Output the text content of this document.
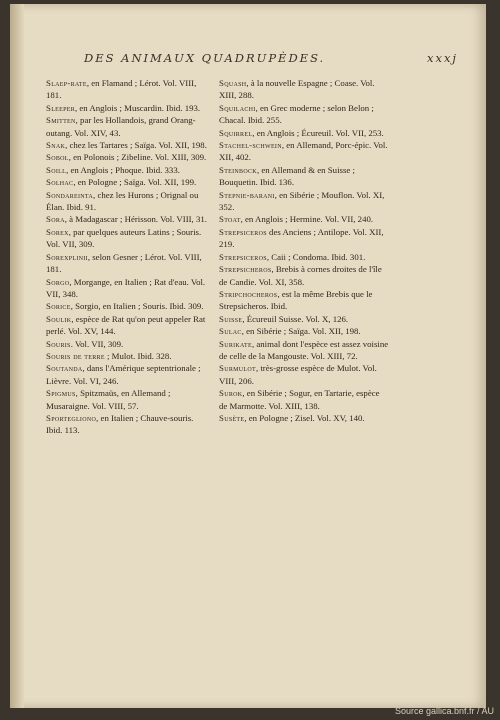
DES ANIMAUX QUADRUPÈDES.	xxxj
Slaep-rate, en Flamand ; Lérot. Vol. VIII, 181.
Sleeper, en Anglois ; Muscardin. Ibid. 193.
Smitten, par les Hollandois, grand Orang-outang. Vol. XIV, 43.
Snak, chez les Tartares ; Saïga. Vol. XII, 198.
Sobol, en Polonois ; Zibeline. Vol. XIII, 309.
Soill, en Anglois ; Phoque. Ibid. 333.
Solhac, en Pologne ; Saïga. Vol. XII, 199.
Sondareinta, chez les Hurons ; Orignal ou Élan. Ibid. 91.
Sora, à Madagascar ; Hérisson. Vol. VIII, 31.
Sorex, par quelques auteurs Latins ; Souris. Vol. VII, 309.
Sorexplinii, selon Gesner ; Lérot. Vol. VIII, 181.
Sorgo, Morgange, en Italien ; Rat d'eau. Vol. VII, 348.
Sorice, Sorgio, en Italien ; Souris. Ibid. 309.
Soulik, espèce de Rat qu'on peut appeler Rat perlé. Vol. XV, 144.
Souris. Vol. VII, 309.
Souris de terre ; Mulot. Ibid. 328.
Soutanda, dans l'Amérique septentrionale ; Lièvre. Vol. VI, 246.
Spigmus, Spitzmaüs, en Allemand ; Musaraigne. Vol. VIII, 57.
Sportegliono, en Italien ; Chauve-souris. Ibid. 113.
Squash, à la nouvelle Espagne ; Coase. Vol. XIII, 288.
Squilachi, en Grec moderne ; selon Belon ; Chacal. Ibid. 255.
Squirrel, en Anglois ; Écureuil. Vol. VII, 253.
Stachel-schwein, en Allemand, Porc-épic. Vol. XII, 402.
Steinbock, en Allemand & en Suisse ; Bouquetin. Ibid. 136.
Stepnie-barani, en Sibérie ; Mouflon. Vol. XI, 352.
Stoat, en Anglois ; Hermine. Vol. VII, 240.
Strepsiceros des Anciens ; Antilope. Vol. XII, 219.
Strepsiceros, Caii ; Condoma. Ibid. 301.
Strepsicheros, Brebis à cornes droites de l'île de Candie. Vol. XI, 358.
Stripchocheros, est la même Brebis que le Strepsicheros. Ibid.
Suisse, Écureuil Suisse. Vol. X, 126.
Sulac, en Sibérie ; Saïga. Vol. XII, 198.
Surikate, animal dont l'espèce est assez voisine de celle de la Mangouste. Vol. XIII, 72.
Surmulot, très-grosse espèce de Mulot. Vol. VIII, 206.
Surok, en Sibérie ; Sogur, en Tartarie, espèce de Marmotte. Vol. XIII, 138.
Susète, en Pologne ; Zisel. Vol. XV, 140.
Source gallica.bnf.fr / AU
